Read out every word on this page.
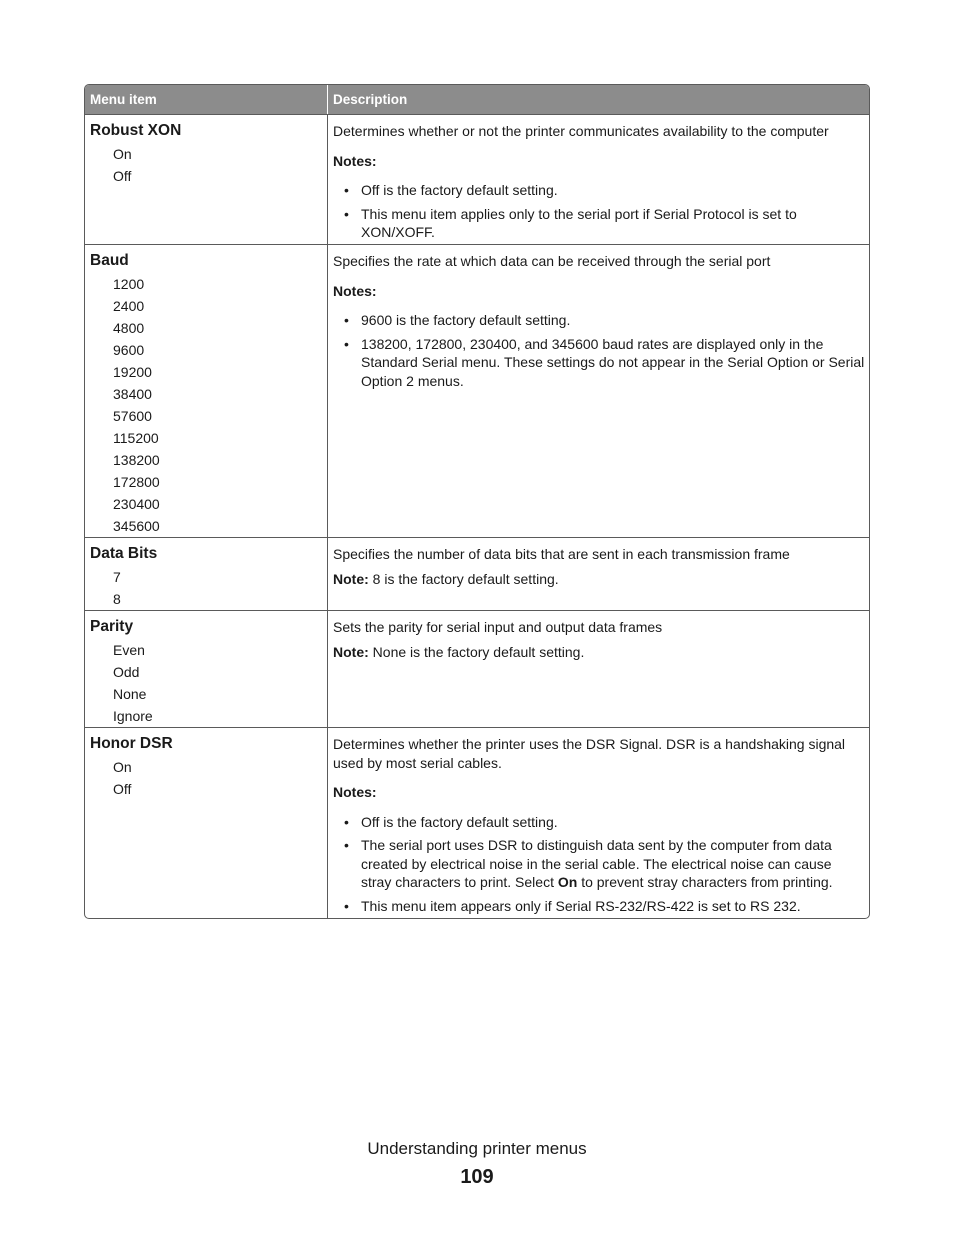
Menu item	Description
Robust XON
On
Off

Determines whether or not the printer communicates availability to the computer

Notes:

• Off is the factory default setting.
• This menu item applies only to the serial port if Serial Protocol is set to XON/XOFF.
Baud
1200
2400
4800
9600
19200
38400
57600
115200
138200
172800
230400
345600

Specifies the rate at which data can be received through the serial port

Notes:

• 9600 is the factory default setting.
• 138200, 172800, 230400, and 345600 baud rates are displayed only in the Standard Serial menu. These settings do not appear in the Serial Option or Serial Option 2 menus.
Data Bits
7
8

Specifies the number of data bits that are sent in each transmission frame

Note: 8 is the factory default setting.

Parity
Even
Odd
None
Ignore

Sets the parity for serial input and output data frames

Note: None is the factory default setting.

Honor DSR
On
Off

Determines whether the printer uses the DSR Signal. DSR is a handshaking signal used by most serial cables.

Notes:

• Off is the factory default setting.
• The serial port uses DSR to distinguish data sent by the computer from data created by electrical noise in the serial cable. The electrical noise can cause stray characters to print. Select On to prevent stray characters from printing.
• This menu item appears only if Serial RS-232/RS-422 is set to RS 232.
Understanding printer menus
109
